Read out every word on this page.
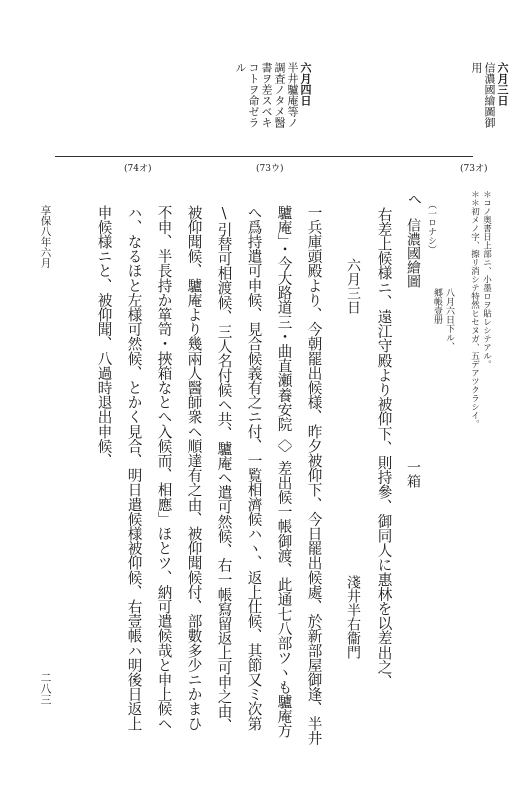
六月三日
信濃國繪圖御
用
六月四日
半井驢庵等ノ
調査ノタメ醫
書ヲ差スベキ
コトヲ命ゼラ
ル
(73オ)
(73ウ)
(74オ)
＊コノ奥書日上部ニ、小墨ロヲ貼レシテアル。
＊＊初メノ字、擦リ消シテ特然ヒセヌガ、五デアツクラシイ。
（一ロナシ）
へ
信濃國繪圖
八月六日下ル、
郷帳壹册
一箱
右差上候様ニ、遠江守殿より被仰下、則持參、御同人に惠林を以差出之、
六月三日
淺井半右衞門
一兵庫頭殿より、今朝罷出候様、昨夕被仰下、今日罷出候處、於新部屋御逢、半井
驢庵」・今大路道三・曲直瀬養安院〈〉差出候一帳御渡、此通七八部ツヽも驢庵方
へ爲持遣可申候、見合候義有之ニ付、一覧相濟候ハヽ、返上仕候、其節又ミ次第
\引替可相渡候、三人名付候ヘ共、驢庵ヘ遣可然候、右一帳寫留返上可申之由、
被仰聞候、驢庵より幾兩人醫師衆ヘ順達有之由、被仰聞候付、部數多少ニかまひ
不申、半長持か箪笥・挾箱なとへ入候而、相應」ほとツ、納可遣候哉と申上候ヘ
ハ、なるほと左様可然候、とかく見合、明日遣候様被仰候、右壹帳ハ明後日返上
申候様ニと、被仰聞、八過時退出申候、
享保八年六月
二八三
